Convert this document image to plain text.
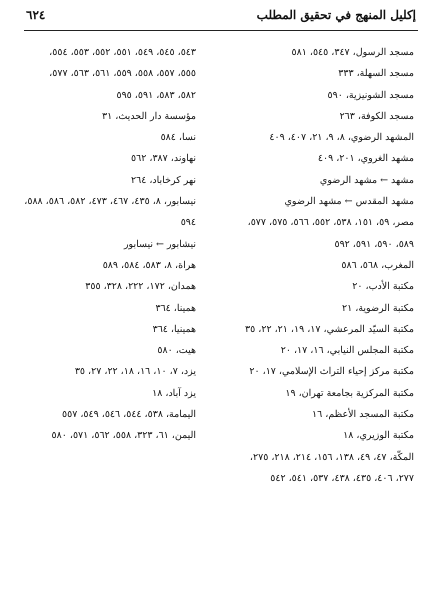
إكليل المنهج في تحقيق المطلب
٦٢٤
مسجد الرسول، ٣٤٧، ٥٤٥، ٥٨١
مسجد السهلة، ٣٣٣
مسجد الشونيزية، ٥٩٠
مسجد الكوفة، ٢٦٣
المشهد الرضوي، ٨، ٩، ٢١، ٤٠٧، ٤٠٩
مشهد الغروي، ٢٠١، ٤٠٩
مشهد ← مشهد الرضوي
مشهد المقدس ← مشهد الرضوي
مصر، ٥٩، ١٥١، ٥٣٨، ٥٥٢، ٥٦٦، ٥٧٥، ٥٧٧،
٥٨٩، ٥٩٠، ٥٩١، ٥٩٢
المغرب، ٥٦٨، ٥٨٦
مكتبة الأدب، ٢٠
مكتبة الرضوية، ٢١
مكتبة السيّد المرعشي، ١٧، ١٩، ٢١، ٢٢، ٣٥
مكتبة المجلس النيابي، ١٦، ١٧، ٢٠
مكتبة مركز إحياء التراث الإسلامي، ١٧، ٢٠
مكتبة المركزية بجامعة تهران، ١٩
مكتبة المسجد الأعظم، ١٦
مكتبة الوزيري، ١٨
المكّة، ٤٧، ٤٩، ١٣٨، ١٥٦، ٢١٤، ٢١٨، ٢٧٥،
٢٧٧، ٤٠٦، ٤٣٥، ٤٣٨، ٥٣٧، ٥٤١، ٥٤٢
٥٤٣، ٥٤٥، ٥٤٩، ٥٥١، ٥٥٢، ٥٥٣، ٥٥٤،
٥٥٥، ٥٥٧، ٥٥٨، ٥٥٩، ٥٦١، ٥٦٣، ٥٧٧،
٥٨٢، ٥٨٣، ٥٩١، ٥٩٥
مؤسسة دار الحديث، ٣١
نسا، ٥٨٤
نهاوند، ٣٨٧، ٥٦٢
نهر كرخاباد، ٢٦٤
نيسابور، ٨، ٤٣٥، ٤٦٧، ٤٧٣، ٥٨٢، ٥٨٦، ٥٨٨،
٥٩٤
نيشابور ← نيسابور
هراة، ٨، ٥٨٣، ٥٨٤، ٥٨٩
همدان، ١٧٢، ٢٢٢، ٣٢٨، ٣٥٥
همينا، ٣٦٤
همينيا، ٣٦٤
هيت، ٥٨٠
يزد، ٧، ١٠، ١٦، ١٨، ٢٢، ٢٧، ٣٥
يزد آباد، ١٨
اليمامة، ٥٣٨، ٥٤٤، ٥٤٦، ٥٤٩، ٥٥٧
اليمن، ٦١، ٣٢٣، ٥٥٨، ٥٦٢، ٥٧١، ٥٨٠
